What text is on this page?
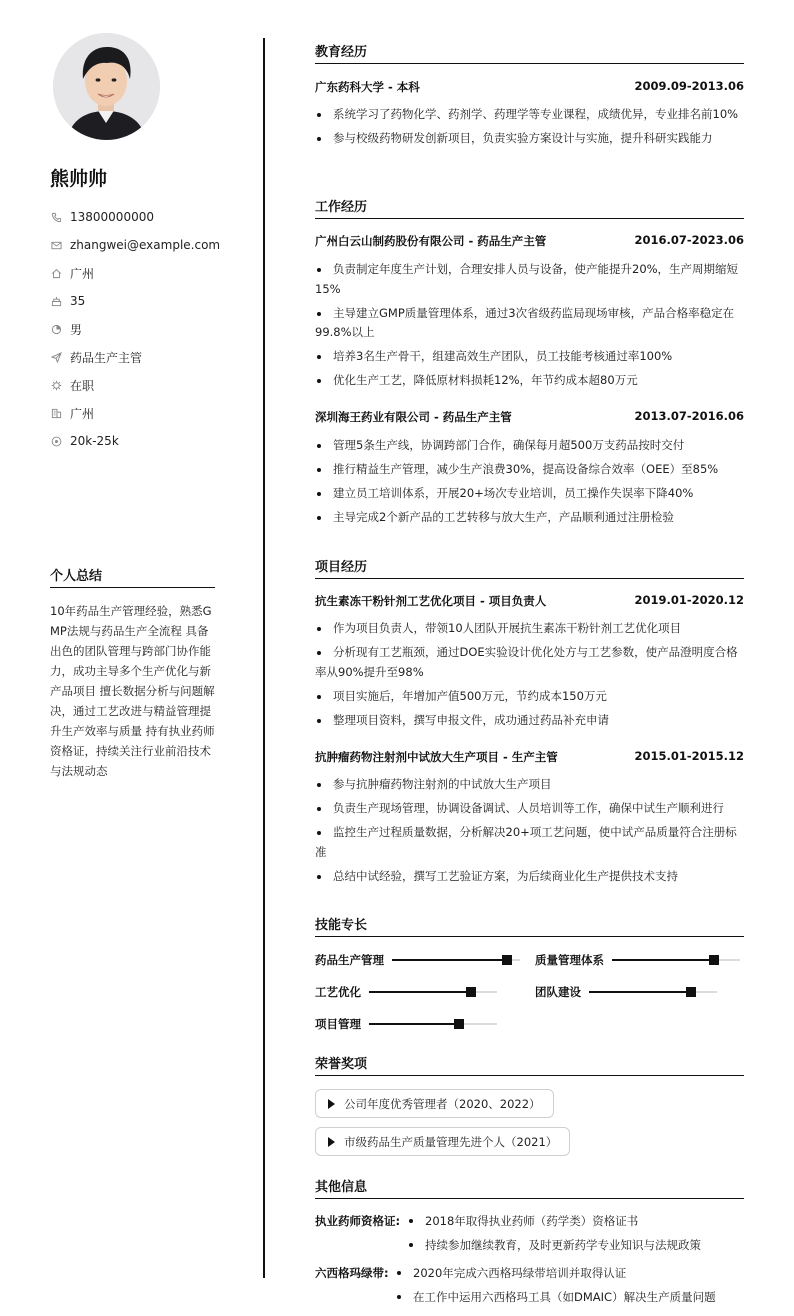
熊帅帅
13800000000
zhangwei@example.com
广州
35
男
药品生产主管
在职
广州
20k-25k
个人总结
10年药品生产管理经验，熟悉GMP法规与药品生产全流程 具备出色的团队管理与跨部门协作能力，成功主导多个生产优化与新产品项目 擅长数据分析与问题解决，通过工艺改进与精益管理提升生产效率与质量 持有执业药师资格证，持续关注行业前沿技术与法规动态
教育经历
广东药科大学 - 本科	2009.09-2013.06
系统学习了药物化学、药剂学、药理学等专业课程，成绩优异，专业排名前10%
参与校级药物研发创新项目，负责实验方案设计与实施，提升科研实践能力
工作经历
广州白云山制药股份有限公司 - 药品生产主管	2016.07-2023.06
负责制定年度生产计划，合理安排人员与设备，使产能提升20%，生产周期缩短15%
主导建立GMP质量管理体系，通过3次省级药监局现场审核，产品合格率稳定在99.8%以上
培养3名生产骨干，组建高效生产团队，员工技能考核通过率100%
优化生产工艺，降低原材料损耗12%，年节约成本超80万元
深圳海王药业有限公司 - 药品生产主管	2013.07-2016.06
管理5条生产线，协调跨部门合作，确保每月超500万支药品按时交付
推行精益生产管理，减少生产浪费30%，提高设备综合效率（OEE）至85%
建立员工培训体系，开展20+场次专业培训，员工操作失误率下降40%
主导完成2个新产品的工艺转移与放大生产，产品顺利通过注册检验
项目经历
抗生素冻干粉针剂工艺优化项目 - 项目负责人	2019.01-2020.12
作为项目负责人，带领10人团队开展抗生素冻干粉针剂工艺优化项目
分析现有工艺瓶颈，通过DOE实验设计优化处方与工艺参数，使产品澄明度合格率从90%提升至98%
项目实施后，年增加产值500万元，节约成本150万元
整理项目资料，撰写申报文件，成功通过药品补充申请
抗肿瘤药物注射剂中试放大生产项目 - 生产主管	2015.01-2015.12
参与抗肿瘤药物注射剂的中试放大生产项目
负责生产现场管理，协调设备调试、人员培训等工作，确保中试生产顺利进行
监控生产过程质量数据，分析解决20+项工艺问题，使中试产品质量符合注册标准
总结中试经验，撰写工艺验证方案，为后续商业化生产提供技术支持
技能专长
药品生产管理	质量管理体系
工艺优化	团队建设
项目管理
荣誉奖项
公司年度优秀管理者（2020、2022）
市级药品生产质量管理先进个人（2021）
其他信息
执业药师资格证:	2018年取得执业药师（药学类）资格证书
持续参加继续教育，及时更新药学专业知识与法规政策
六西格玛绿带:	2020年完成六西格玛绿带培训并取得认证
在工作中运用六西格玛工具（如DMAIC）解决生产质量问题
